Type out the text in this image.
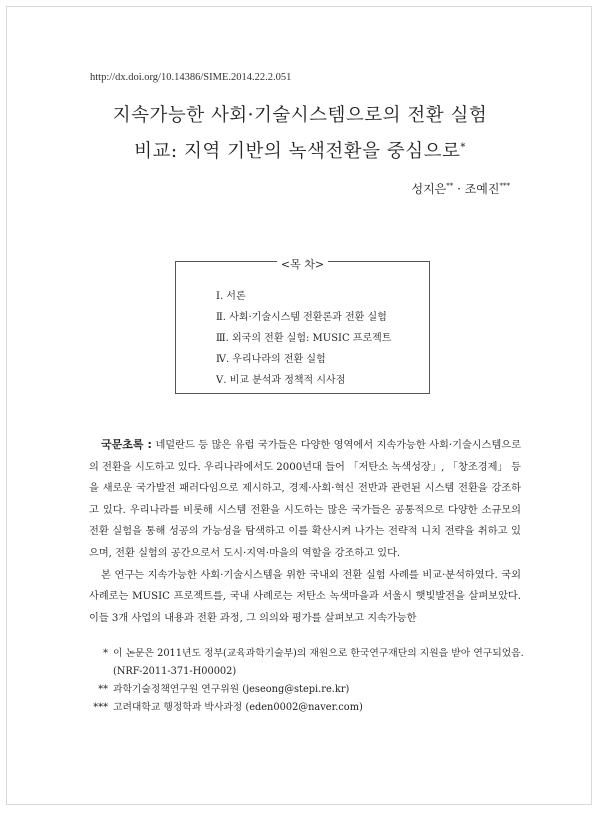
http://dx.doi.org/10.14386/SIME.2014.22.2.051
지속가능한 사회·기술시스템으로의 전환 실험
비교: 지역 기반의 녹색전환을 중심으로*
성지은** · 조예진***
<목 차>
Ⅰ. 서론
Ⅱ. 사회·기술시스템 전환론과 전환 실험
Ⅲ. 외국의 전환 실험: MUSIC 프로젝트
Ⅳ. 우리나라의 전환 실험
Ⅴ. 비교 분석과 정책적 시사점

국문초록 : 네덜란드 등 많은 유럽 국가들은 다양한 영역에서 지속가능한 사회·기술시스템으로의 전환을 시도하고 있다. 우리나라에서도 2000년대 들어 「저탄소 녹색성장」, 「창조경제」 등을 새로운 국가발전 패러다임으로 제시하고, 경제·사회·혁신 전반과 관련된 시스템 전환을 강조하고 있다. 우리나라를 비롯해 시스템 전환을 시도하는 많은 국가들은 공통적으로 다양한 소규모의 전환 실험을 통해 성공의 가능성을 탐색하고 이를 확산시켜 나가는 전략적 니치 전략을 취하고 있으며, 전환 실험의 공간으로서 도시·지역·마을의 역할을 강조하고 있다.

본 연구는 지속가능한 사회·기술시스템을 위한 국내외 전환 실험 사례를 비교·분석하였다. 국외 사례로는 MUSIC 프로젝트를, 국내 사례로는 저탄소 녹색마을과 서울시 햇빛발전을 살펴보았다. 이들 3개 사업의 내용과 전환 과정, 그 의의와 평가를 살펴보고 지속가능한

* 이 논문은 2011년도 정부(교육과학기술부)의 재원으로 한국연구재단의 지원을 받아 연구되었음.
(NRF-2011-371-H00002)
** 과학기술정책연구원 연구위원 (jeseong@stepi.re.kr)
*** 고려대학교 행정학과 박사과정 (eden0002@naver.com)
